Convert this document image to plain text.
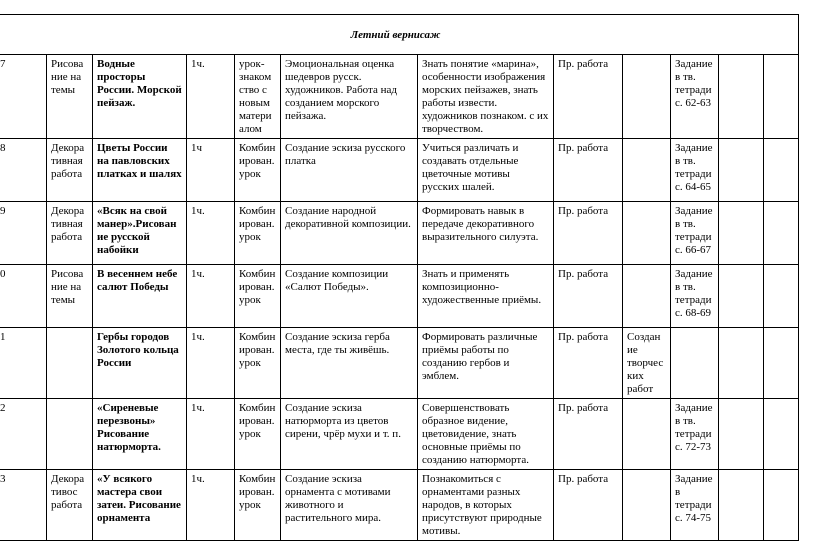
Летний вернисаж											
7	Рисование на темы	Водные просторы России. Морской пейзаж.	1ч.	урок-знакомство с новым материалом	Эмоциональная оценка шедевров русск. художников. Работа над созданием морского пейзажа.	Знать понятие «марина», особенности изображения морских пейзажев, знать работы извести. художников познаком. с их творчеством.	Пр. работа		Задание в тв. тетради с. 62-63		
8	Декоративная работа	Цветы России на павловских платках и шалях	1ч	Комбинирован. урок	Создание эскиза русского платка	Учиться различать и создавать отдельные цветочные мотивы русских шалей.	Пр. работа		Задание в тв. тетради с. 64-65		
9	Декоративная работа	«Всяк на свой манер».Рисование русской набойки	1ч.	Комбинирован. урок	Создание народной декоративной композиции.	Формировать навык в передаче декоративного выразительного силуэта.	Пр. работа		Задание в тв. тетради с. 66-67		
0	Рисование на темы	В весеннем небе салют Победы	1ч.	Комбинирован. урок	Создание композиции «Салют Победы».	Знать и применять композиционно-художественные приёмы.	Пр. работа		Задание в тв. тетради с. 68-69		
1		Гербы городов Золотого кольца России	1ч.	Комбинирован. урок	Создание эскиза герба места, где ты живёшь.	Формировать различные приёмы работы по созданию гербов и эмблем.	Пр. работа	Создание творческих работ			
2		«Сиреневые перезвоны» Рисование натюрморта.	1ч.	Комбинирован. урок	Создание эскиза натюрморта из цветов сирени, чрёр мухи и т. п.	Совершенствовать образное видение, цветовидение, знать основные приёмы по созданию натюрморта.	Пр. работа		Задание в тв. тетради с. 72-73		
3	Декоративос работа	«У всякого мастера свои затеи. Рисование орнамента	1ч.	Комбинирован. урок	Создание эскиза орнамента с мотивами животного и растительного мира.	Познакомиться с орнаментами разных народов, в которых присутствуют природные мотивы.	Пр. работа		Задание в тетради с. 74-75		
